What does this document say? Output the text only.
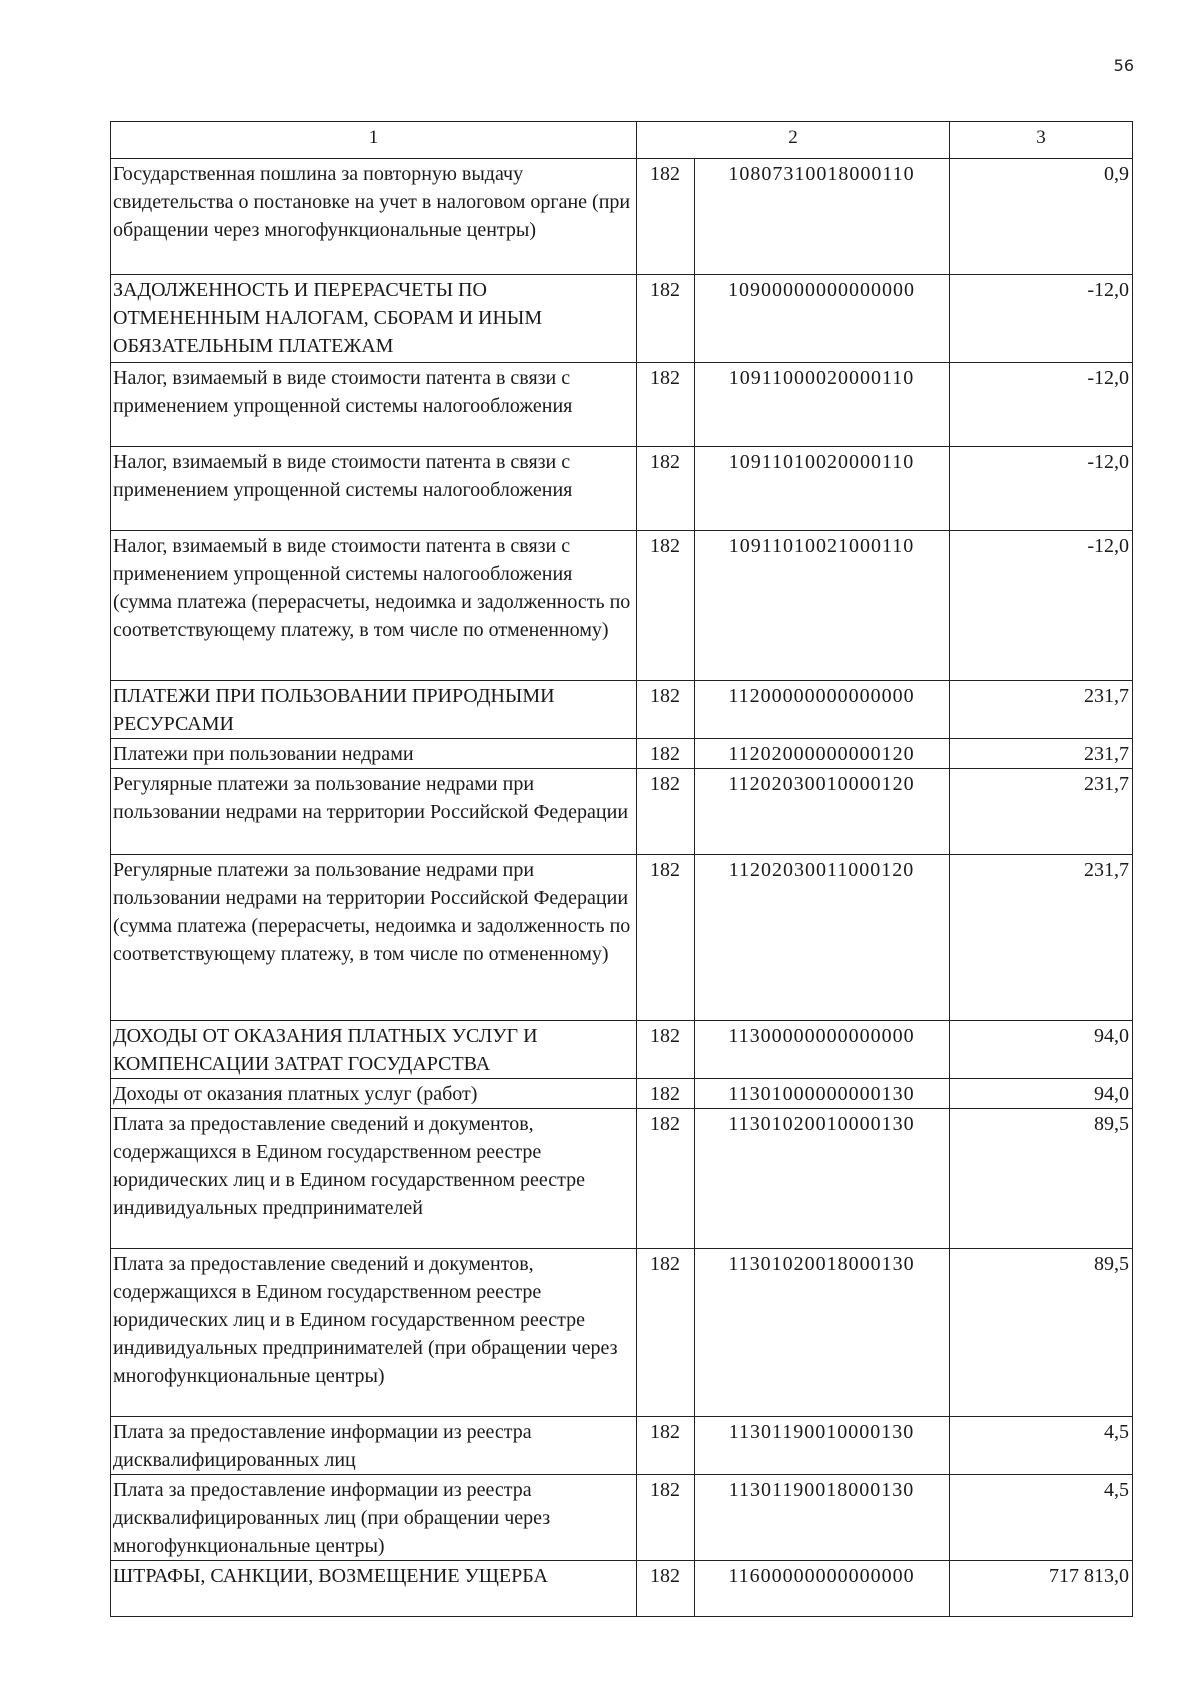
56
1	2		3
Государственная пошлина за повторную выдачу свидетельства о постановке на учет в налоговом органе (при обращении через многофункциональные центры)	182	10807310018000110	0,9
ЗАДОЛЖЕННОСТЬ И ПЕРЕРАСЧЕТЫ ПО ОТМЕНЕННЫМ НАЛОГАМ, СБОРАМ И ИНЫМ ОБЯЗАТЕЛЬНЫМ ПЛАТЕЖАМ	182	10900000000000000	-12,0
Налог, взимаемый в виде стоимости патента в связи с применением упрощенной системы налогообложения	182	10911000020000110	-12,0
Налог, взимаемый в виде стоимости патента в связи с применением упрощенной системы налогообложения	182	10911010020000110	-12,0
Налог, взимаемый в виде стоимости патента в связи с применением упрощенной системы налогообложения (сумма платежа (перерасчеты, недоимка и задолженность по соответствующему платежу, в том числе по отмененному)	182	10911010021000110	-12,0
ПЛАТЕЖИ ПРИ ПОЛЬЗОВАНИИ ПРИРОДНЫМИ РЕСУРСАМИ	182	11200000000000000	231,7
Платежи при пользовании недрами	182	11202000000000120	231,7
Регулярные платежи за пользование недрами при пользовании недрами на территории Российской Федерации	182	11202030010000120	231,7
Регулярные платежи за пользование недрами при пользовании недрами на территории Российской Федерации (сумма платежа (перерасчеты, недоимка и задолженность по соответствующему платежу, в том числе по отмененному)	182	11202030011000120	231,7
ДОХОДЫ ОТ ОКАЗАНИЯ ПЛАТНЫХ УСЛУГ И КОМПЕНСАЦИИ ЗАТРАТ ГОСУДАРСТВА	182	11300000000000000	94,0
Доходы от оказания платных услуг (работ)	182	11301000000000130	94,0
Плата за предоставление сведений и документов, содержащихся в Едином государственном реестре юридических лиц и в Едином государственном реестре индивидуальных предпринимателей	182	11301020010000130	89,5
Плата за предоставление сведений и документов, содержащихся в Едином государственном реестре юридических лиц и в Едином государственном реестре индивидуальных предпринимателей (при обращении через многофункциональные центры)	182	11301020018000130	89,5
Плата за предоставление информации из реестра дисквалифицированных лиц	182	11301190010000130	4,5
Плата за предоставление информации из реестра дисквалифицированных лиц (при обращении через многофункциональные центры)	182	11301190018000130	4,5
ШТРАФЫ, САНКЦИИ, ВОЗМЕЩЕНИЕ УЩЕРБА	182	11600000000000000	717 813,0
